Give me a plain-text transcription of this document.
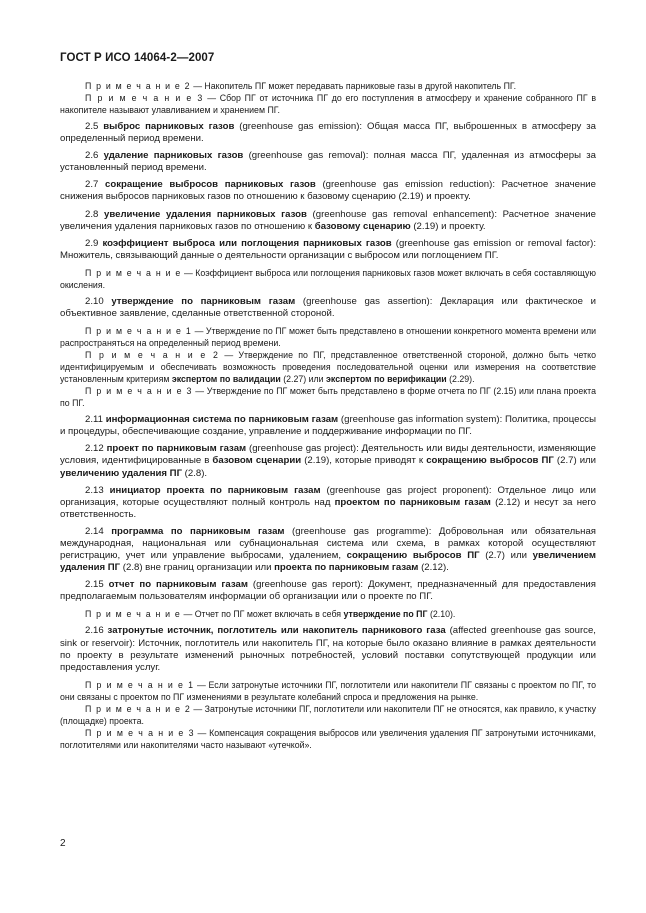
ГОСТ Р ИСО 14064-2—2007

П р и м е ч а н и е 2 — Накопитель ПГ может передавать парниковые газы в другой накопитель ПГ.

П р и м е ч а н и е 3 — Сбор ПГ от источника ПГ до его поступления в атмосферу и хранение собранного ПГ в накопителе называют улавливанием и хранением ПГ.

2.5 выброс парниковых газов (greenhouse gas emission): Общая масса ПГ, выброшенных в атмосферу за определенный период времени.

2.6 удаление парниковых газов (greenhouse gas removal): полная масса ПГ, удаленная из атмосферы за установленный период времени.

2.7 сокращение выбросов парниковых газов (greenhouse gas emission reduction): Расчетное значение снижения выбросов парниковых газов по отношению к базовому сценарию (2.19) и проекту.

2.8 увеличение удаления парниковых газов (greenhouse gas removal enhancement): Расчетное значение увеличения удаления парниковых газов по отношению к базовому сценарию (2.19) и проекту.

2.9 коэффициент выброса или поглощения парниковых газов (greenhouse gas emission or removal factor): Множитель, связывающий данные о деятельности организации с выбросом или поглощением ПГ.

П р и м е ч а н и е — Коэффициент выброса или поглощения парниковых газов может включать в себя составляющую окисления.

2.10 утверждение по парниковым газам (greenhouse gas assertion): Декларация или фактическое и объективное заявление, сделанные ответственной стороной.

П р и м е ч а н и е 1 — Утверждение по ПГ может быть представлено в отношении конкретного момента времени или распространяться на определенный период времени.

П р и м е ч а н и е 2 — Утверждение по ПГ, представленное ответственной стороной, должно быть четко идентифицируемым и обеспечивать возможность проведения последовательной оценки или измерения на соответствие установленным критериям экспертом по валидации (2.27) или экспертом по верификации (2.29).

П р и м е ч а н и е 3 — Утверждение по ПГ может быть представлено в форме отчета по ПГ (2.15) или плана проекта по ПГ.

2.11 информационная система по парниковым газам (greenhouse gas information system): Политика, процессы и процедуры, обеспечивающие создание, управление и поддерживание информации по ПГ.

2.12 проект по парниковым газам (greenhouse gas project): Деятельность или виды деятельности, изменяющие условия, идентифицированные в базовом сценарии (2.19), которые приводят к сокращению выбросов ПГ (2.7) или увеличению удаления ПГ (2.8).

2.13 инициатор проекта по парниковым газам (greenhouse gas project proponent): Отдельное лицо или организация, которые осуществляют полный контроль над проектом по парниковым газам (2.12) и несут за него ответственность.

2.14 программа по парниковым газам (greenhouse gas programme): Добровольная или обязательная международная, национальная или субнациональная система или схема, в рамках которой осуществляют регистрацию, учет или управление выбросами, удалением, сокращению выбросов ПГ (2.7) или увеличением удаления ПГ (2.8) вне границ организации или проекта по парниковым газам (2.12).

2.15 отчет по парниковым газам (greenhouse gas report): Документ, предназначенный для предоставления предполагаемым пользователям информации об организации или о проекте по ПГ.

П р и м е ч а н и е — Отчет по ПГ может включать в себя утверждение по ПГ (2.10).

2.16 затронутые источник, поглотитель или накопитель парникового газа (affected greenhouse gas source, sink or reservoir): Источник, поглотитель или накопитель ПГ, на которые было оказано влияние в рамках деятельности по проекту в результате изменений рыночных потребностей, условий поставки сопутствующей продукции или предоставления услуг.

П р и м е ч а н и е 1 — Если затронутые источники ПГ, поглотители или накопители ПГ связаны с проектом по ПГ, то они связаны с проектом по ПГ изменениями в результате колебаний спроса и предложения на рынке.

П р и м е ч а н и е 2 — Затронутые источники ПГ, поглотители или накопители ПГ не относятся, как правило, к участку (площадке) проекта.

П р и м е ч а н и е 3 — Компенсация сокращения выбросов или увеличения удаления ПГ затронутыми источниками, поглотителями или накопителями часто называют «утечкой».

2
